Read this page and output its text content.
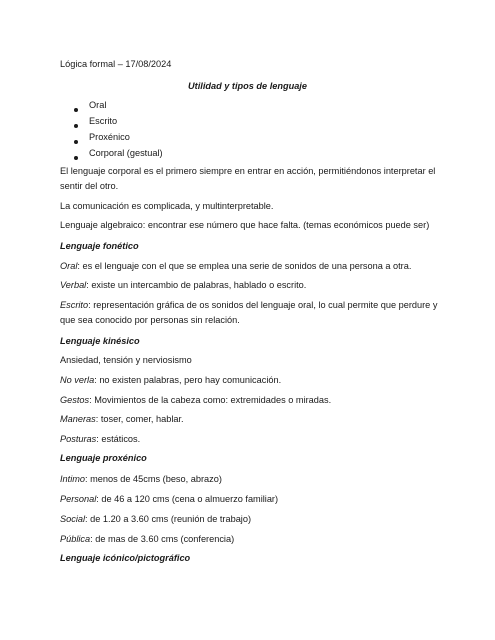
Lógica formal – 17/08/2024
Utilidad y tipos de lenguaje
Oral
Escrito
Proxénico
Corporal (gestual)
El lenguaje corporal es el primero siempre en entrar en acción, permitiéndonos interpretar el
sentir del otro.
La comunicación es complicada, y multinterpretable.
Lenguaje algebraico: encontrar ese número que hace falta. (temas económicos puede ser)
Lenguaje fonético
Oral: es el lenguaje con el que se emplea una serie de sonidos de una persona a otra.
Verbal: existe un intercambio de palabras, hablado o escrito.
Escrito: representación gráfica de os sonidos del lenguaje oral, lo cual permite que perdure y
que sea conocido por personas sin relación.
Lenguaje kinésico
Ansiedad, tensión y nerviosismo
No verla: no existen palabras, pero hay comunicación.
Gestos: Movimientos de la cabeza como: extremidades o miradas.
Maneras: toser, comer, hablar.
Posturas: estáticos.
Lenguaje proxénico
Intimo: menos de 45cms (beso, abrazo)
Personal: de 46 a 120 cms (cena o almuerzo familiar)
Social: de 1.20 a 3.60 cms (reunión de trabajo)
Pública: de mas de 3.60 cms (conferencia)
Lenguaje icónico/pictográfico
